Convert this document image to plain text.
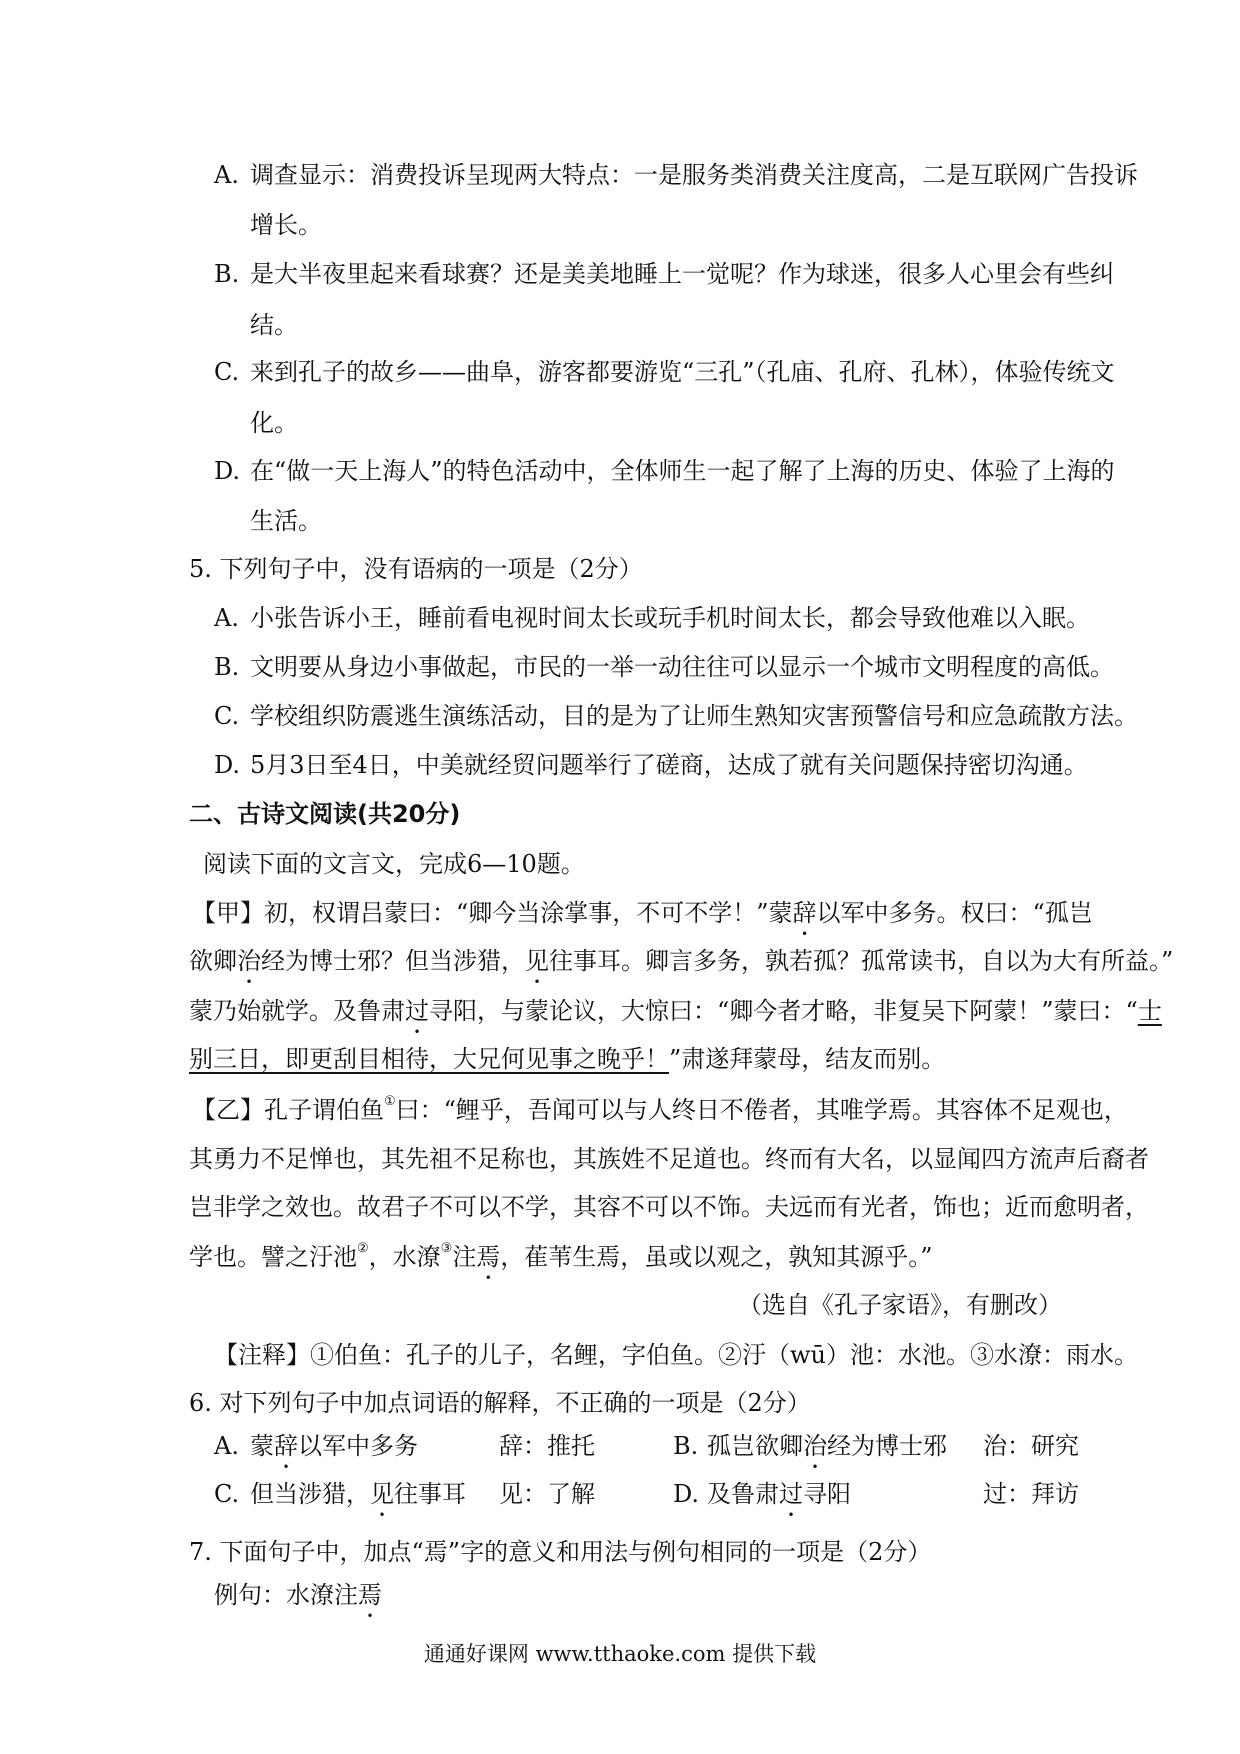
A. 调查显示：消费投诉呈现两大特点：一是服务类消费关注度高，二是互联网广告投诉
增长。
B. 是大半夜里起来看球赛？还是美美地睡上一觉呢？作为球迷，很多人心里会有些纠
结。
C. 来到孔子的故乡——曲阜，游客都要游览“三孔”（孔庙、孔府、孔林），体验传统文
化。
D. 在“做一天上海人”的特色活动中，全体师生一起了解了上海的历史、体验了上海的
生活。
5. 下列句子中，没有语病的一项是（2分）
A. 小张告诉小王，睡前看电视时间太长或玩手机时间太长，都会导致他难以入眠。
B. 文明要从身边小事做起，市民的一举一动往往可以显示一个城市文明程度的高低。
C. 学校组织防震逃生演练活动，目的是为了让师生熟知灾害预警信号和应急疏散方法。
D. 5月3日至4日，中美就经贸问题举行了磋商，达成了就有关问题保持密切沟通。
二、古诗文阅读(共20分)
阅读下面的文言文，完成6—10题。
【甲】初，权谓吕蒙曰：“卿今当涂掌事，不可不学！”蒙辞以军中多务。权曰：“孤岂
欲卿治经为博士邪？但当涉猎，见往事耳。卿言多务，孰若孤？孤常读书，自以为大有所益。”
蒙乃始就学。及鲁肃过寻阳，与蒙论议，大惊曰：“卿今者才略，非复吴下阿蒙！”蒙曰：“士
别三日，即更刮目相待，大兄何见事之晚乎！”肃遂拜蒙母，结友而别。
【乙】孔子谓伯鱼①曰：“鲤乎，吾闻可以与人终日不倦者，其唯学焉。其容体不足观也，
其勇力不足惮也，其先祖不足称也，其族姓不足道也。终而有大名，以显闻四方流声后裔者
岂非学之效也。故君子不可以不学，其容不可以不饰。夫远而有光者，饰也；近而愈明者，
学也。譬之汙池②，水潦③注焉，萑苇生焉，虽或以观之，孰知其源乎。”
（选自《孔子家语》，有删改）
【注释】①伯鱼：孔子的儿子，名鲤，字伯鱼。②汙（wū）池：水池。③水潦：雨水。
6. 对下列句子中加点词语的解释，不正确的一项是（2分）
A. 蒙辞以军中多务	辞：推托	B. 孤岂欲卿治经为博士邪 治：研究
C. 但当涉猎，见往事耳 见：了解	D. 及鲁肃过寻阳	过：拜访
7. 下面句子中，加点“焉”字的意义和用法与例句相同的一项是（2分）
例句：水潦注焉
通通好课网 www.tthaoke.com 提供下载
